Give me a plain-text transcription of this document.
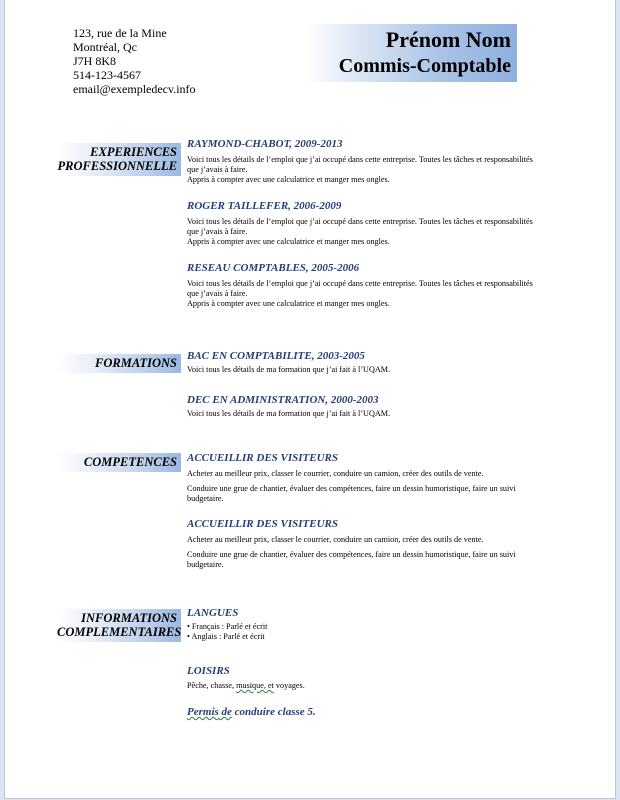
123, rue de la Mine
Montréal, Qc
J7H 8K8
514-123-4567
email@exempledecv.info
Prénom Nom
Commis-Comptable
EXPERIENCES
PROFESSIONNELLE
RAYMOND-CHABOT, 2009-2013

Voici tous les détails de l’emploi que j’ai occupé dans cette entreprise. Toutes les tâches et responsabilités

que j’avais à faire.

Appris à compter avec une calculatrice et manger mes ongles.

ROGER TAILLEFER, 2006-2009

Voici tous les détails de l’emploi que j’ai occupé dans cette entreprise. Toutes les tâches et responsabilités

que j’avais à faire.

Appris à compter avec une calculatrice et manger mes ongles.

RESEAU COMPTABLES, 2005-2006

Voici tous les détails de l’emploi que j’ai occupé dans cette entreprise. Toutes les tâches et responsabilités

que j’avais à faire.

Appris à compter avec une calculatrice et manger mes ongles.

FORMATIONS BAC EN COMPTABILITE, 2003-2005

Voici tous les détails de ma formation que j’ai fait à l’UQAM.

DEC EN ADMINISTRATION, 2000-2003

Voici tous les détails de ma formation que j’ai fait à l’UQAM.

COMPETENCES ACCUEILLIR DES VISITEURS

Acheter au meilleur prix, classer le courrier, conduire un camion, créer des outils de vente.

Conduire une grue de chantier, évaluer des compétences, faire un dessin humoristique, faire un suivi

budgetaire.

ACCUEILLIR DES VISITEURS

Acheter au meilleur prix, classer le courrier, conduire un camion, créer des outils de vente.

Conduire une grue de chantier, évaluer des compétences, faire un dessin humoristique, faire un suivi

budgetaire.

INFORMATIONS
COMPLEMENTAIRES
LANGUES

• Français : Parlé et écrit

• Anglais : Parlé et écrit

LOISIRS

Pêche, chasse, musique, et voyages.

Permis de conduire classe 5.
